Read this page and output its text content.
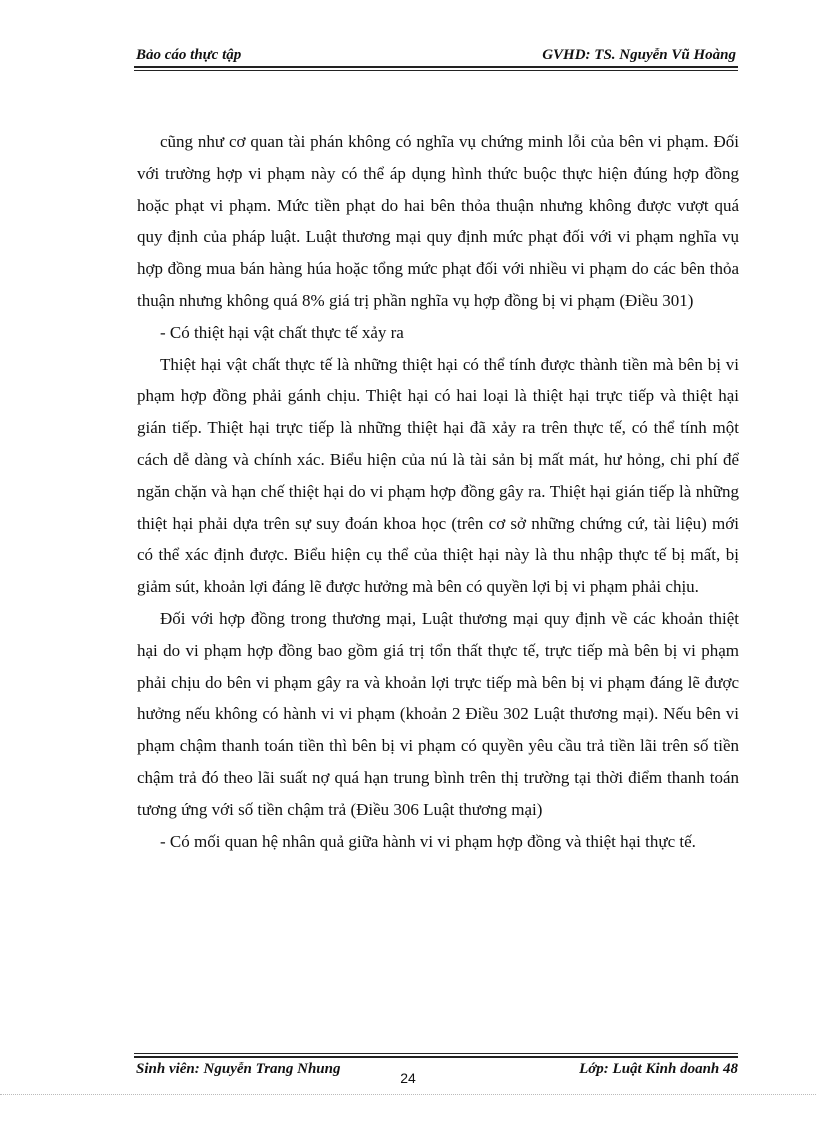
Bảo cáo thực tập	GVHD: TS. Nguyễn Vũ Hoàng

cũng như cơ quan tài phán không có nghĩa vụ chứng minh lỗi của bên vi phạm. Đối với trường hợp vi phạm này có thể áp dụng hình thức buộc thực hiện đúng hợp đồng hoặc phạt vi phạm. Mức tiền phạt do hai bên thỏa thuận nhưng không được vượt quá quy định của pháp luật. Luật thương mại quy định mức phạt đối với vi phạm nghĩa vụ hợp đồng mua bán hàng húa hoặc tổng mức phạt đối với nhiều vi phạm do các bên thỏa thuận nhưng không quá 8% giá trị phần nghĩa vụ hợp đồng bị vi phạm (Điều 301)

- Có thiệt hại vật chất thực tế xảy ra

Thiệt hại vật chất thực tế là những thiệt hại có thể tính được thành tiền mà bên bị vi phạm hợp đồng phải gánh chịu. Thiệt hại có hai loại là thiệt hại trực tiếp và thiệt hại gián tiếp. Thiệt hại trực tiếp là những thiệt hại đã xảy ra trên thực tế, có thể tính một cách dễ dàng và chính xác. Biểu hiện của nú là tài sản bị mất mát, hư hỏng, chi phí để ngăn chặn và hạn chế thiệt hại do vi phạm hợp đồng gây ra. Thiệt hại gián tiếp là những thiệt hại phải dựa trên sự suy đoán khoa học (trên cơ sở những chứng cứ, tài liệu) mới có thể xác định được. Biểu hiện cụ thể của thiệt hại này là thu nhập thực tế bị mất, bị giảm sút, khoản lợi đáng lẽ được hưởng mà bên có quyền lợi bị vi phạm phải chịu.

Đối với hợp đồng trong thương mại, Luật thương mại quy định về các khoản thiệt hại do vi phạm hợp đồng bao gồm giá trị tổn thất thực tế, trực tiếp mà bên bị vi phạm phải chịu do bên vi phạm gây ra và khoản lợi trực tiếp mà bên bị vi phạm đáng lẽ được hưởng nếu không có hành vi vi phạm (khoản 2 Điều 302 Luật thương mại). Nếu bên vi phạm chậm thanh toán tiền thì bên bị vi phạm có quyền yêu cầu trả tiền lãi trên số tiền chậm trả đó theo lãi suất nợ quá hạn trung bình trên thị trường tại thời điểm thanh toán tương ứng với số tiền chậm trả (Điều 306 Luật thương mại)

- Có mối quan hệ nhân quả giữa hành vi vi phạm hợp đồng và thiệt hại thực tế.

Sinh viên: Nguyễn Trang Nhung
24
Lớp: Luật Kinh doanh 48
